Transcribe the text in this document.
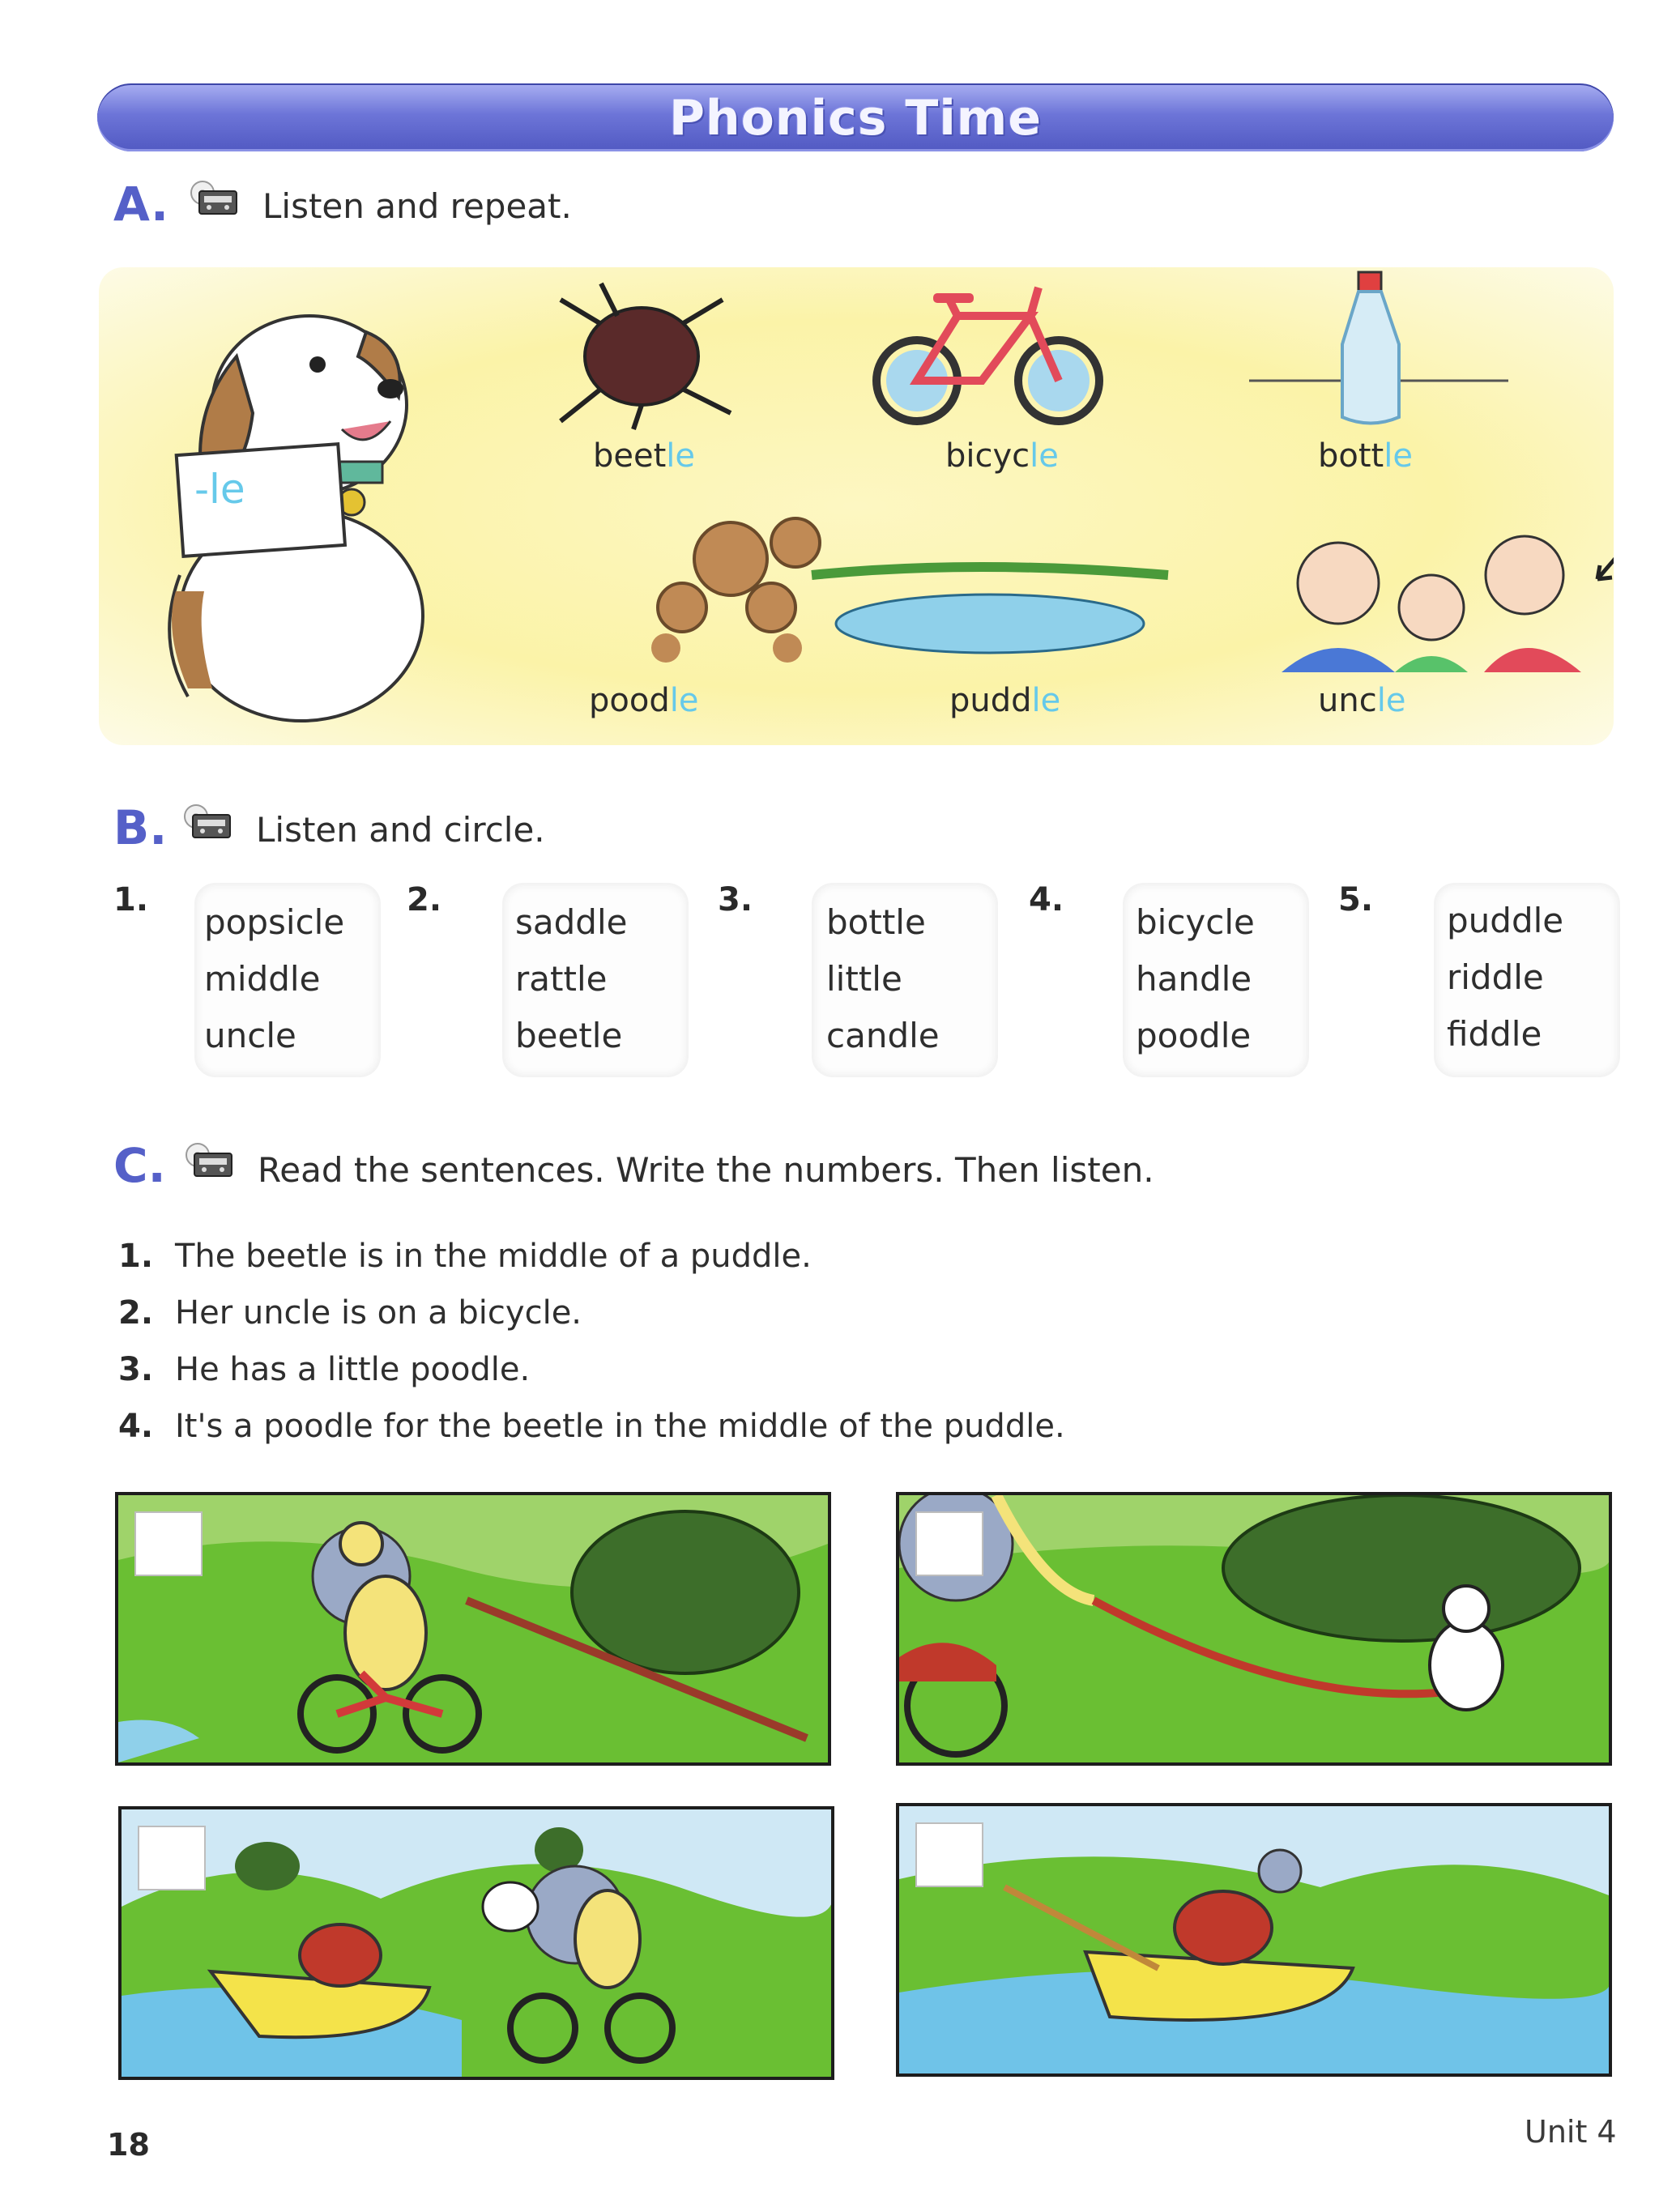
Phonics Time
A.	Listen and repeat.
-le
beetle	bicycle	bottle
poodle	puddle	uncle
B.	Listen and circle.
1.
popsicle
middle
uncle
2.
saddle
rattle
beetle
3.
bottle
little
candle
4.
bicycle
handle
poodle
5.
puddle
riddle
fiddle
C.	Read the sentences. Write the numbers. Then listen.
1. The beetle is in the middle of a puddle.
2. Her uncle is on a bicycle.
3. He has a little poodle.
4. It's a poodle for the beetle in the middle of the puddle.
18	Unit 4
